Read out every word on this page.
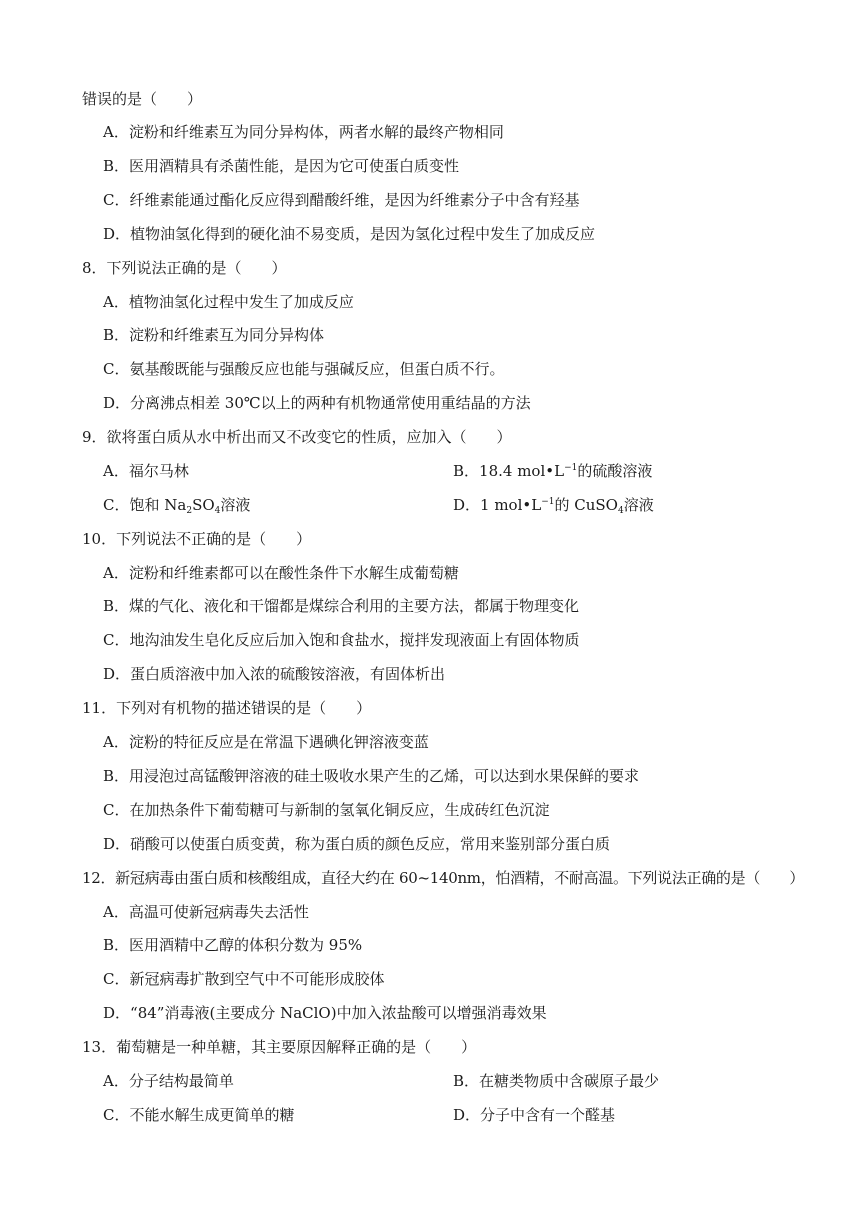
错误的是（　　）
A．淀粉和纤维素互为同分异构体，两者水解的最终产物相同
B．医用酒精具有杀菌性能，是因为它可使蛋白质变性
C．纤维素能通过酯化反应得到醋酸纤维，是因为纤维素分子中含有羟基
D．植物油氢化得到的硬化油不易变质，是因为氢化过程中发生了加成反应
8．下列说法正确的是（　　）
A．植物油氢化过程中发生了加成反应
B．淀粉和纤维素互为同分异构体
C．氨基酸既能与强酸反应也能与强碱反应，但蛋白质不行。
D．分离沸点相差 30℃以上的两种有机物通常使用重结晶的方法
9．欲将蛋白质从水中析出而又不改变它的性质，应加入（　　）
A．福尔马林	B．18.4 $mol•L^{-1}$的硫酸溶液
C．饱和 $Na_2SO_4$溶液	D．1 $mol•L^{-1}$的 CuSO$_4$溶液
10．下列说法不正确的是（　　）
A．淀粉和纤维素都可以在酸性条件下水解生成葡萄糖
B．煤的气化、液化和干馏都是煤综合利用的主要方法，都属于物理变化
C．地沟油发生皂化反应后加入饱和食盐水，搅拌发现液面上有固体物质
D．蛋白质溶液中加入浓的硫酸铵溶液，有固体析出
11．下列对有机物的描述错误的是（　　）
A．淀粉的特征反应是在常温下遇碘化钾溶液变蓝
B．用浸泡过高锰酸钾溶液的硅土吸收水果产生的乙烯，可以达到水果保鲜的要求
C．在加热条件下葡萄糖可与新制的氢氧化铜反应，生成砖红色沉淀
D．硝酸可以使蛋白质变黄，称为蛋白质的颜色反应，常用来鉴别部分蛋白质
12．新冠病毒由蛋白质和核酸组成，直径大约在 60~140nm，怕酒精，不耐高温。下列说法正确的是（　　）
A．高温可使新冠病毒失去活性
B．医用酒精中乙醇的体积分数为 95%
C．新冠病毒扩散到空气中不可能形成胶体
D．“84”消毒液(主要成分 NaClO)中加入浓盐酸可以增强消毒效果
13．葡萄糖是一种单糖，其主要原因解释正确的是（　　）
A．分子结构最简单	B．在糖类物质中含碳原子最少
C．不能水解生成更简单的糖	D．分子中含有一个醛基
